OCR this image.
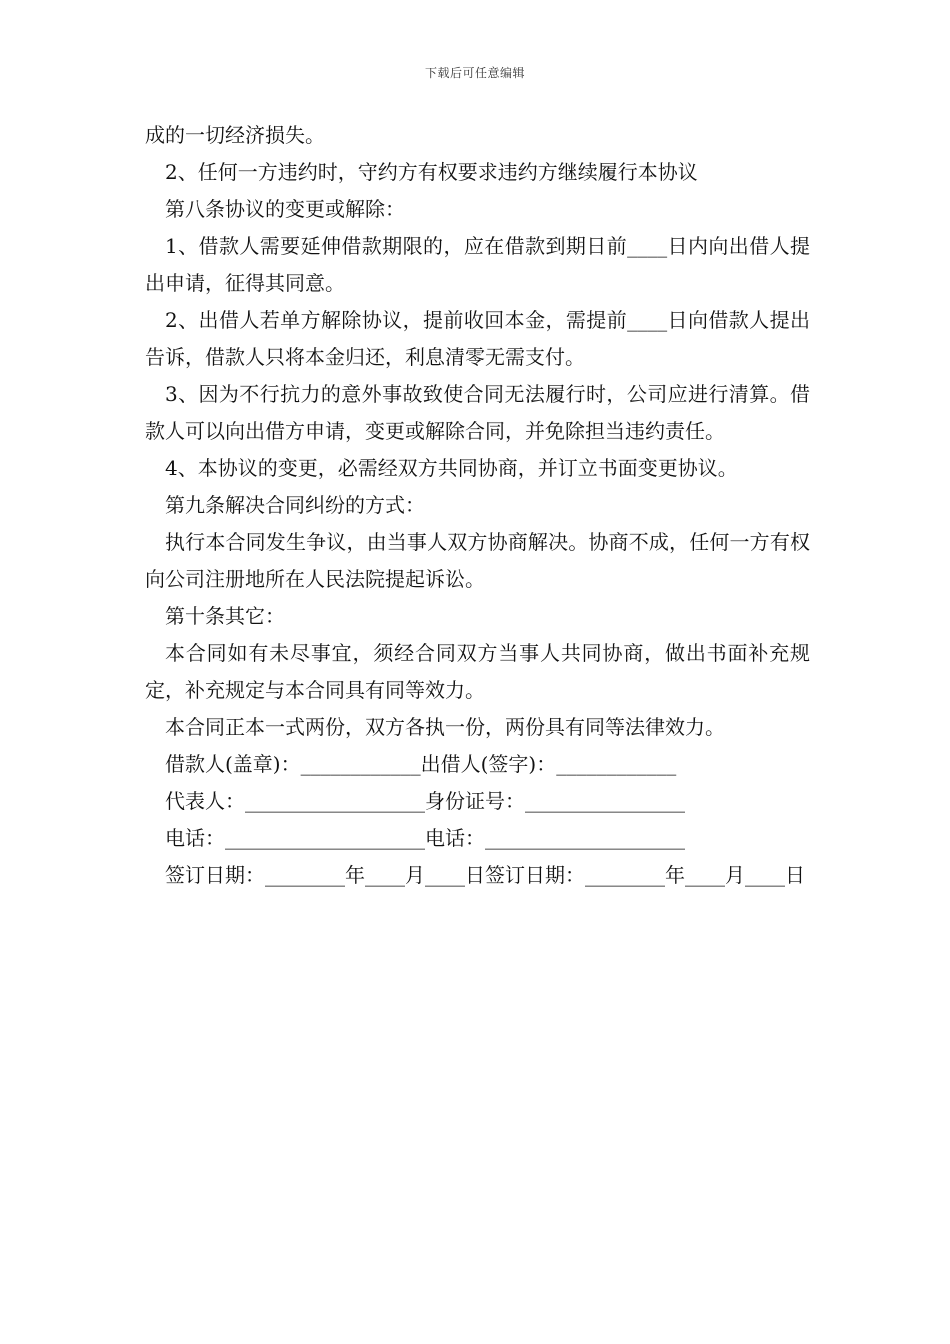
下载后可任意编辑

成的一切经济损失。

2、任何一方违约时，守约方有权要求违约方继续履行本协议

第八条协议的变更或解除：

1、借款人需要延伸借款期限的，应在借款到期日前____日内向出借人提出申请，征得其同意。

2、出借人若单方解除协议，提前收回本金，需提前____日向借款人提出告诉，借款人只将本金归还，利息清零无需支付。

3、因为不行抗力的意外事故致使合同无法履行时，公司应进行清算。借款人可以向出借方申请，变更或解除合同，并免除担当违约责任。

4、本协议的变更，必需经双方共同协商，并订立书面变更协议。

第九条解决合同纠纷的方式：

执行本合同发生争议，由当事人双方协商解决。协商不成，任何一方有权向公司注册地所在人民法院提起诉讼。

第十条其它：

本合同如有未尽事宜，须经合同双方当事人共同协商，做出书面补充规定，补充规定与本合同具有同等效力。

本合同正本一式两份，双方各执一份，两份具有同等法律效力。

借款人(盖章)：____________出借人(签字)：____________

代表人：__________________身份证号：________________

电话：____________________电话：____________________

签订日期：________年____月____日签订日期：________年____月____日
